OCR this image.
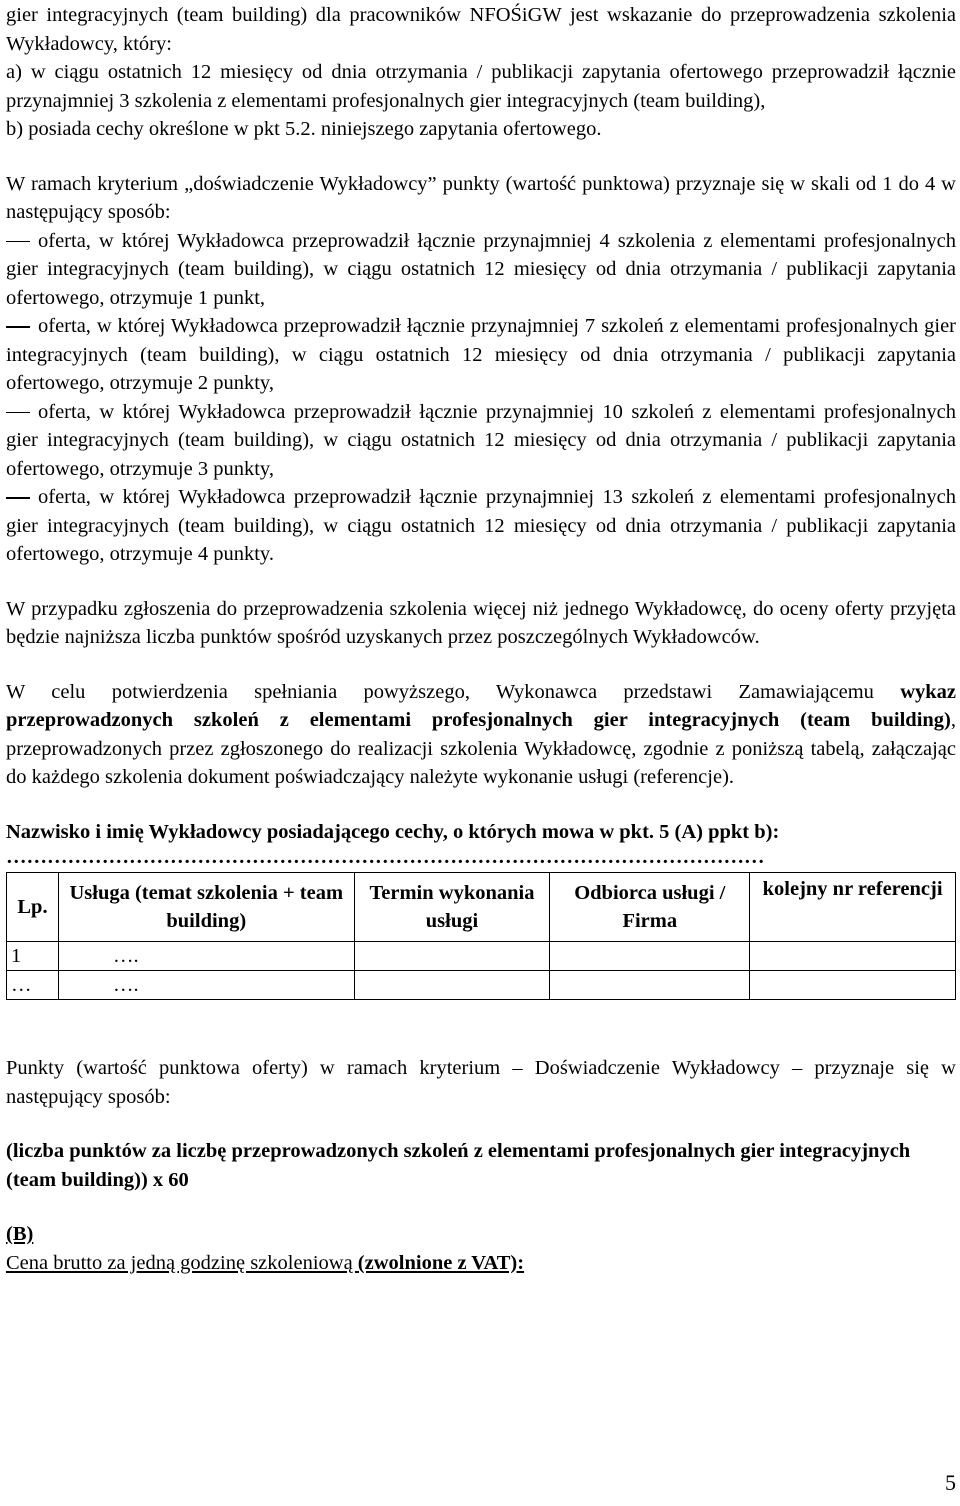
gier integracyjnych (team building) dla pracowników NFOŚiGW jest wskazanie do przeprowadzenia szkolenia Wykładowcy, który:

a) w ciągu ostatnich 12 miesięcy od dnia otrzymania / publikacji zapytania ofertowego przeprowadził łącznie przynajmniej 3 szkolenia z elementami profesjonalnych gier integracyjnych (team building),

b) posiada cechy określone w pkt 5.2. niniejszego zapytania ofertowego.

W ramach kryterium „doświadczenie Wykładowcy” punkty (wartość punktowa) przyznaje się w skali od 1 do 4 w następujący sposób:

oferta, w której Wykładowca przeprowadził łącznie przynajmniej 4 szkolenia z elementami profesjonalnych gier integracyjnych (team building), w ciągu ostatnich 12 miesięcy od dnia otrzymania / publikacji zapytania ofertowego, otrzymuje 1 punkt,

oferta, w której Wykładowca przeprowadził łącznie przynajmniej 7 szkoleń z elementami profesjonalnych gier integracyjnych (team building), w ciągu ostatnich 12 miesięcy od dnia otrzymania / publikacji zapytania ofertowego, otrzymuje 2 punkty,

oferta, w której Wykładowca przeprowadził łącznie przynajmniej 10 szkoleń z elementami profesjonalnych gier integracyjnych (team building), w ciągu ostatnich 12 miesięcy od dnia otrzymania / publikacji zapytania ofertowego, otrzymuje 3 punkty,

oferta, w której Wykładowca przeprowadził łącznie przynajmniej 13 szkoleń z elementami profesjonalnych gier integracyjnych (team building), w ciągu ostatnich 12 miesięcy od dnia otrzymania / publikacji zapytania ofertowego, otrzymuje 4 punkty.

W przypadku zgłoszenia do przeprowadzenia szkolenia więcej niż jednego Wykładowcę, do oceny oferty przyjęta będzie najniższa liczba punktów spośród uzyskanych przez poszczególnych Wykładowców.

W celu potwierdzenia spełniania powyższego, Wykonawca przedstawi Zamawiającemu wykaz przeprowadzonych szkoleń z elementami profesjonalnych gier integracyjnych (team building), przeprowadzonych przez zgłoszonego do realizacji szkolenia Wykładowcę, zgodnie z poniższą tabelą, załączając do każdego szkolenia dokument poświadczający należyte wykonanie usługi (referencje).

Nazwisko i imię Wykładowcy posiadającego cechy, o których mowa w pkt. 5 (A) ppkt b):

…………………………………………………………………………………………………
Lp.	Usługa (temat szkolenia + team building)	Termin wykonania usługi	Odbiorca usługi / Firma	kolejny nr referencji
1	….			
…	….			

Punkty (wartość punktowa oferty) w ramach kryterium – Doświadczenie Wykładowcy – przyznaje się w następujący sposób:

(liczba punktów za liczbę przeprowadzonych szkoleń z elementami profesjonalnych gier integracyjnych (team building)) x 60

(B)

Cena brutto za jedną godzinę szkoleniową (zwolnione z VAT):

5
